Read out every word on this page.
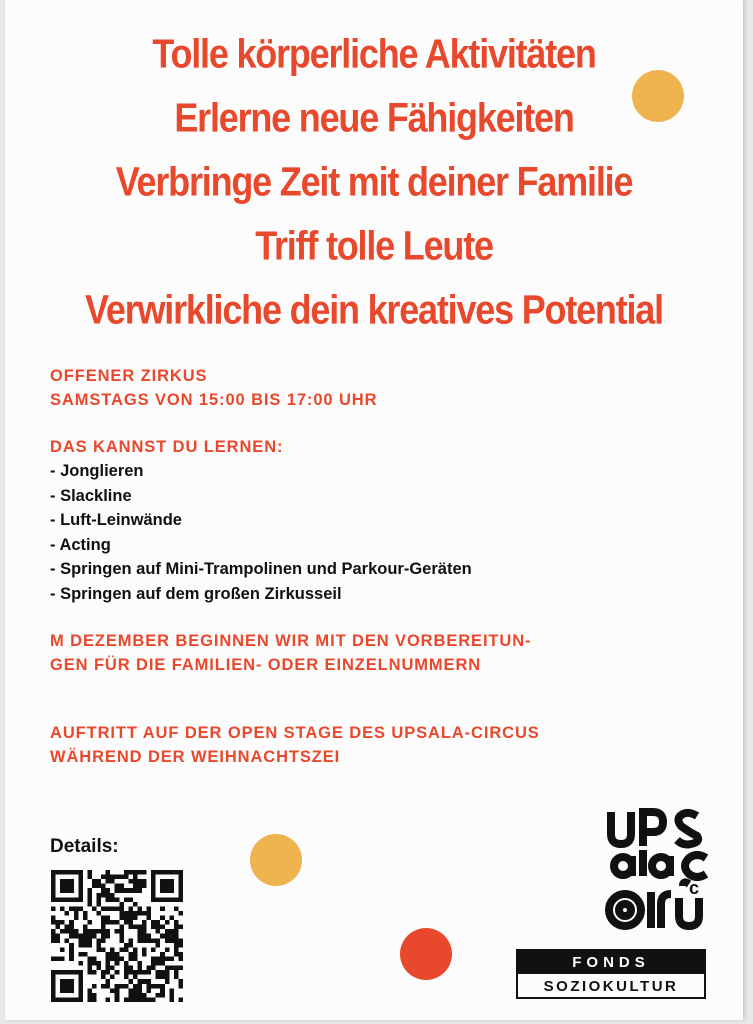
Tolle körperliche Aktivitäten
Erlerne neue Fähigkeiten
Verbringe Zeit mit deiner Familie
Triff tolle Leute
Verwirkliche dein kreatives Potential

OFFENER ZIRKUS

SAMSTAGS VON 15:00 BIS 17:00 UHR

DAS KANNST DU LERNEN:

- Jonglieren
- Slackline
- Luft-Leinwände
- Acting
- Springen auf Mini-Trampolinen und Parkour-Geräten
- Springen auf dem großen Zirkusseil

M DEZEMBER BEGINNEN WIR MIT DEN VORBEREITUN-

GEN FÜR DIE FAMILIEN- ODER EINZELNUMMERN

AUFTRITT AUF DER OPEN STAGE DES UPSALA-CIRCUS

WÄHREND DER WEIHNACHTSZEI

Details:
c
FONDS
SOZIOKULTUR
